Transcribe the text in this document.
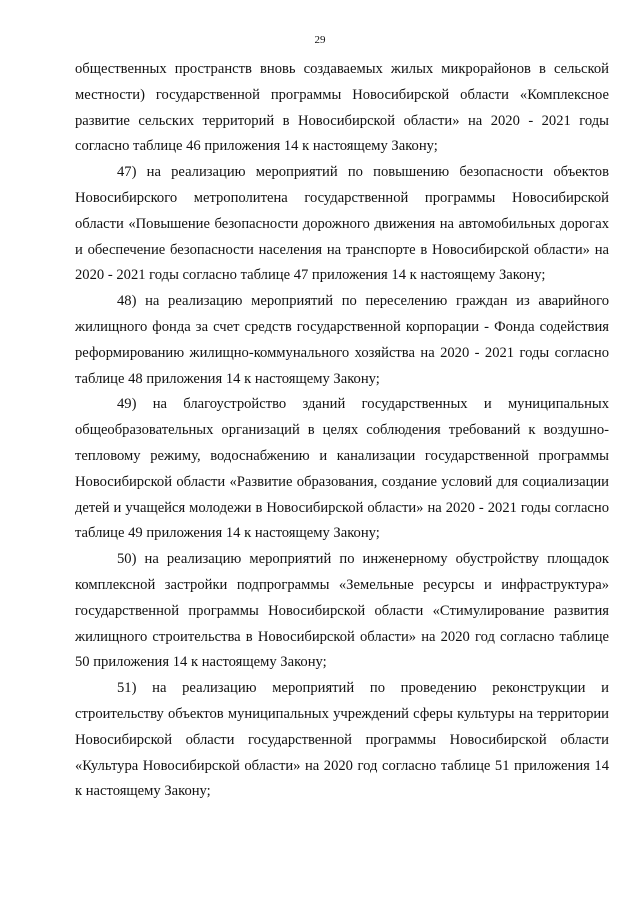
29

общественных пространств вновь создаваемых жилых микрорайонов в сельской местности) государственной программы Новосибирской области «Комплексное развитие сельских территорий в Новосибирской области» на 2020 - 2021 годы согласно таблице 46 приложения 14 к настоящему Закону;

47) на реализацию мероприятий по повышению безопасности объектов Новосибирского метрополитена государственной программы Новосибирской области «Повышение безопасности дорожного движения на автомобильных дорогах и обеспечение безопасности населения на транспорте в Новосибирской области» на 2020 - 2021 годы согласно таблице 47 приложения 14 к настоящему Закону;

48) на реализацию мероприятий по переселению граждан из аварийного жилищного фонда за счет средств государственной корпорации - Фонда содействия реформированию жилищно-коммунального хозяйства на 2020 - 2021 годы согласно таблице 48 приложения 14 к настоящему Закону;

49) на благоустройство зданий государственных и муниципальных общеобразовательных организаций в целях соблюдения требований к воздушно-тепловому режиму, водоснабжению и канализации государственной программы Новосибирской области «Развитие образования, создание условий для социализации детей и учащейся молодежи в Новосибирской области» на 2020 - 2021 годы согласно таблице 49 приложения 14 к настоящему Закону;

50) на реализацию мероприятий по инженерному обустройству площадок комплексной застройки подпрограммы «Земельные ресурсы и инфраструктура» государственной программы Новосибирской области «Стимулирование развития жилищного строительства в Новосибирской области» на 2020 год согласно таблице 50 приложения 14 к настоящему Закону;

51) на реализацию мероприятий по проведению реконструкции и строительству объектов муниципальных учреждений сферы культуры на территории Новосибирской области государственной программы Новосибирской области «Культура Новосибирской области» на 2020 год согласно таблице 51 приложения 14 к настоящему Закону;
